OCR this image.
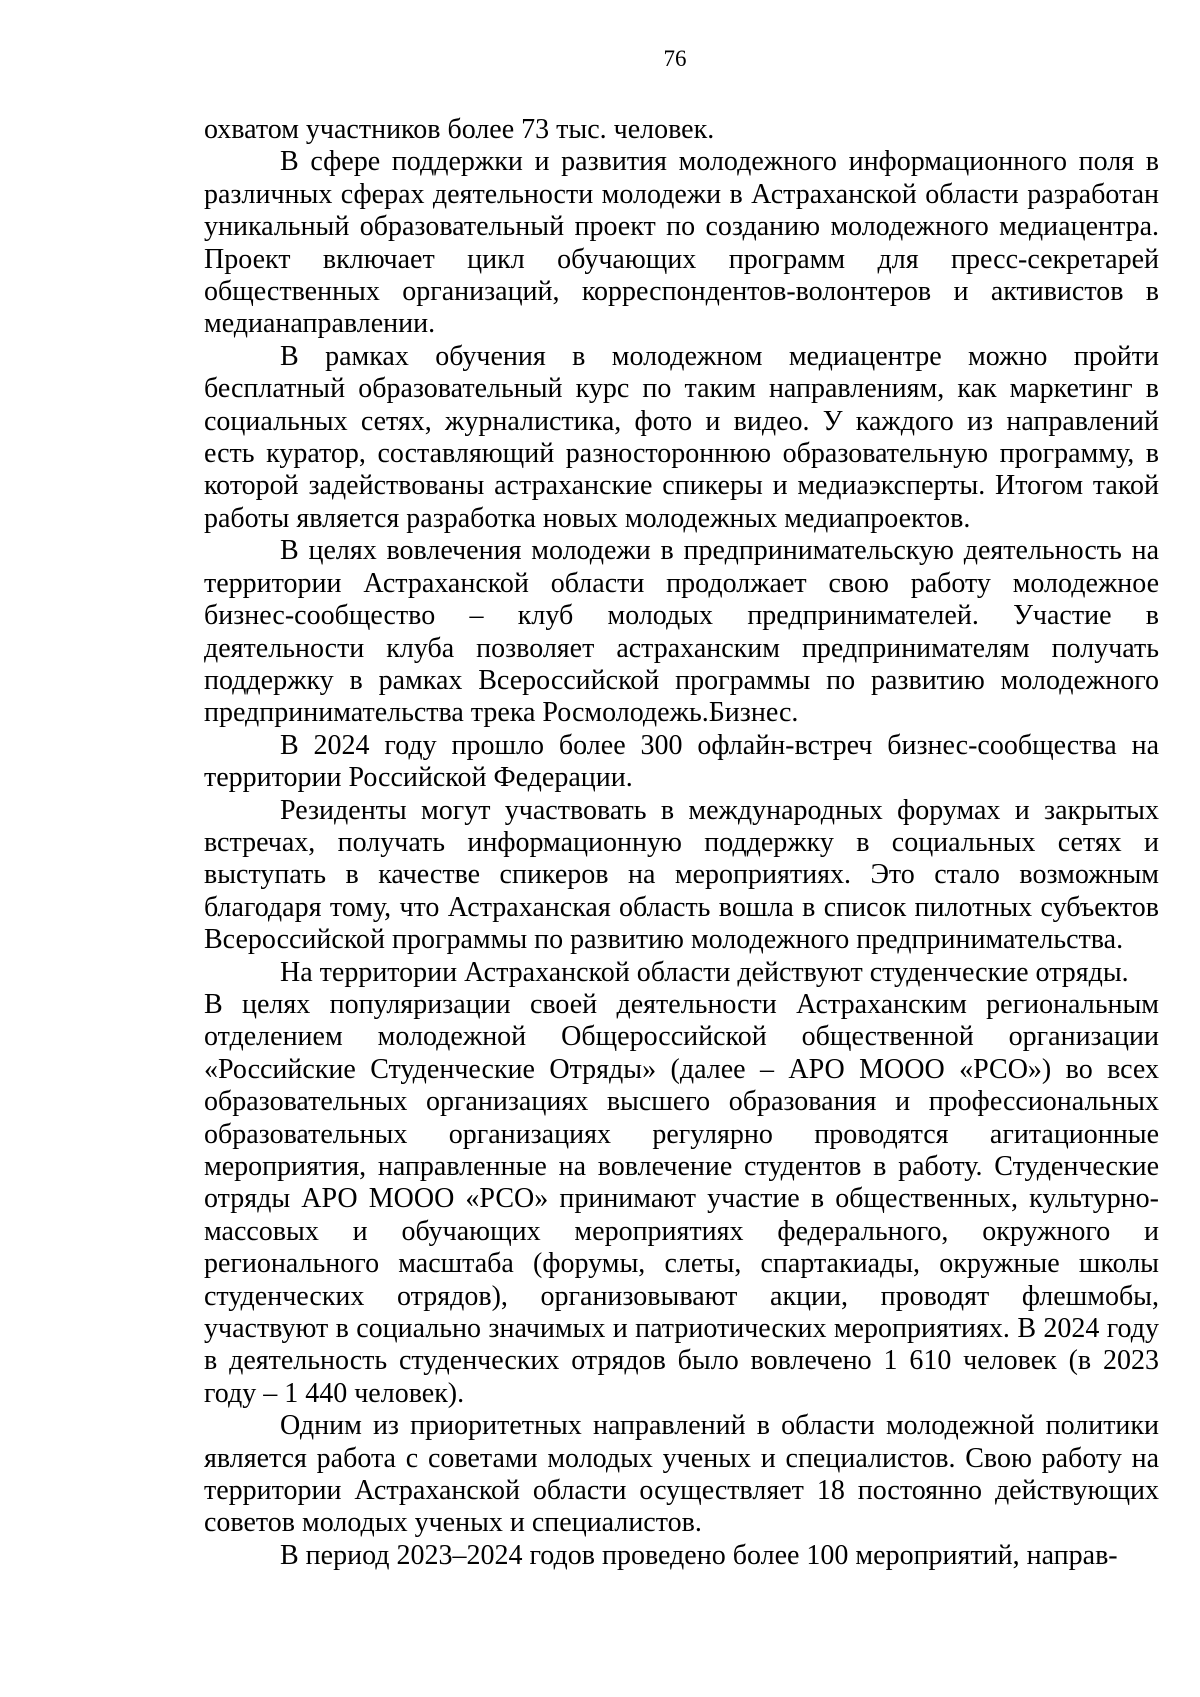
76

охватом участников более 73 тыс. человек.

В сфере поддержки и развития молодежного информационного поля в различных сферах деятельности молодежи в Астраханской области разработан уникальный образовательный проект по созданию молодежного медиацентра. Проект включает цикл обучающих программ для пресс-секретарей общественных организаций, корреспондентов-волонтеров и активистов в медианаправлении.

В рамках обучения в молодежном медиацентре можно пройти бесплатный образовательный курс по таким направлениям, как маркетинг в социальных сетях, журналистика, фото и видео. У каждого из направлений есть куратор, составляющий разностороннюю образовательную программу, в которой задействованы астраханские спикеры и медиаэксперты. Итогом такой работы является разработка новых молодежных медиапроектов.

В целях вовлечения молодежи в предпринимательскую деятельность на территории Астраханской области продолжает свою работу молодежное бизнес-сообщество – клуб молодых предпринимателей. Участие в деятельности клуба позволяет астраханским предпринимателям получать поддержку в рамках Всероссийской программы по развитию молодежного предпринимательства трека Росмолодежь.Бизнес.

В 2024 году прошло более 300 офлайн-встреч бизнес-сообщества на территории Российской Федерации.

Резиденты могут участвовать в международных форумах и закрытых встречах, получать информационную поддержку в социальных сетях и выступать в качестве спикеров на мероприятиях. Это стало возможным благодаря тому, что Астраханская область вошла в список пилотных субъектов Всероссийской программы по развитию молодежного предпринимательства.

На территории Астраханской области действуют студенческие отряды.

В целях популяризации своей деятельности Астраханским региональным отделением молодежной Общероссийской общественной организации «Российские Студенческие Отряды» (далее – АРО МООО «РСО») во всех образовательных организациях высшего образования и профессиональных образовательных организациях регулярно проводятся агитационные мероприятия, направленные на вовлечение студентов в работу. Студенческие отряды АРО МООО «РСО» принимают участие в общественных, культурно-массовых и обучающих мероприятиях федерального, окружного и регионального масштаба (форумы, слеты, спартакиады, окружные школы студенческих отрядов), организовывают акции, проводят флешмобы, участвуют в социально значимых и патриотических мероприятиях. В 2024 году в деятельность студенческих отрядов было вовлечено 1 610 человек (в 2023 году – 1 440 человек).

Одним из приоритетных направлений в области молодежной политики является работа с советами молодых ученых и специалистов. Свою работу на территории Астраханской области осуществляет 18 постоянно действующих советов молодых ученых и специалистов.

В период 2023–2024 годов проведено более 100 мероприятий, направ-
